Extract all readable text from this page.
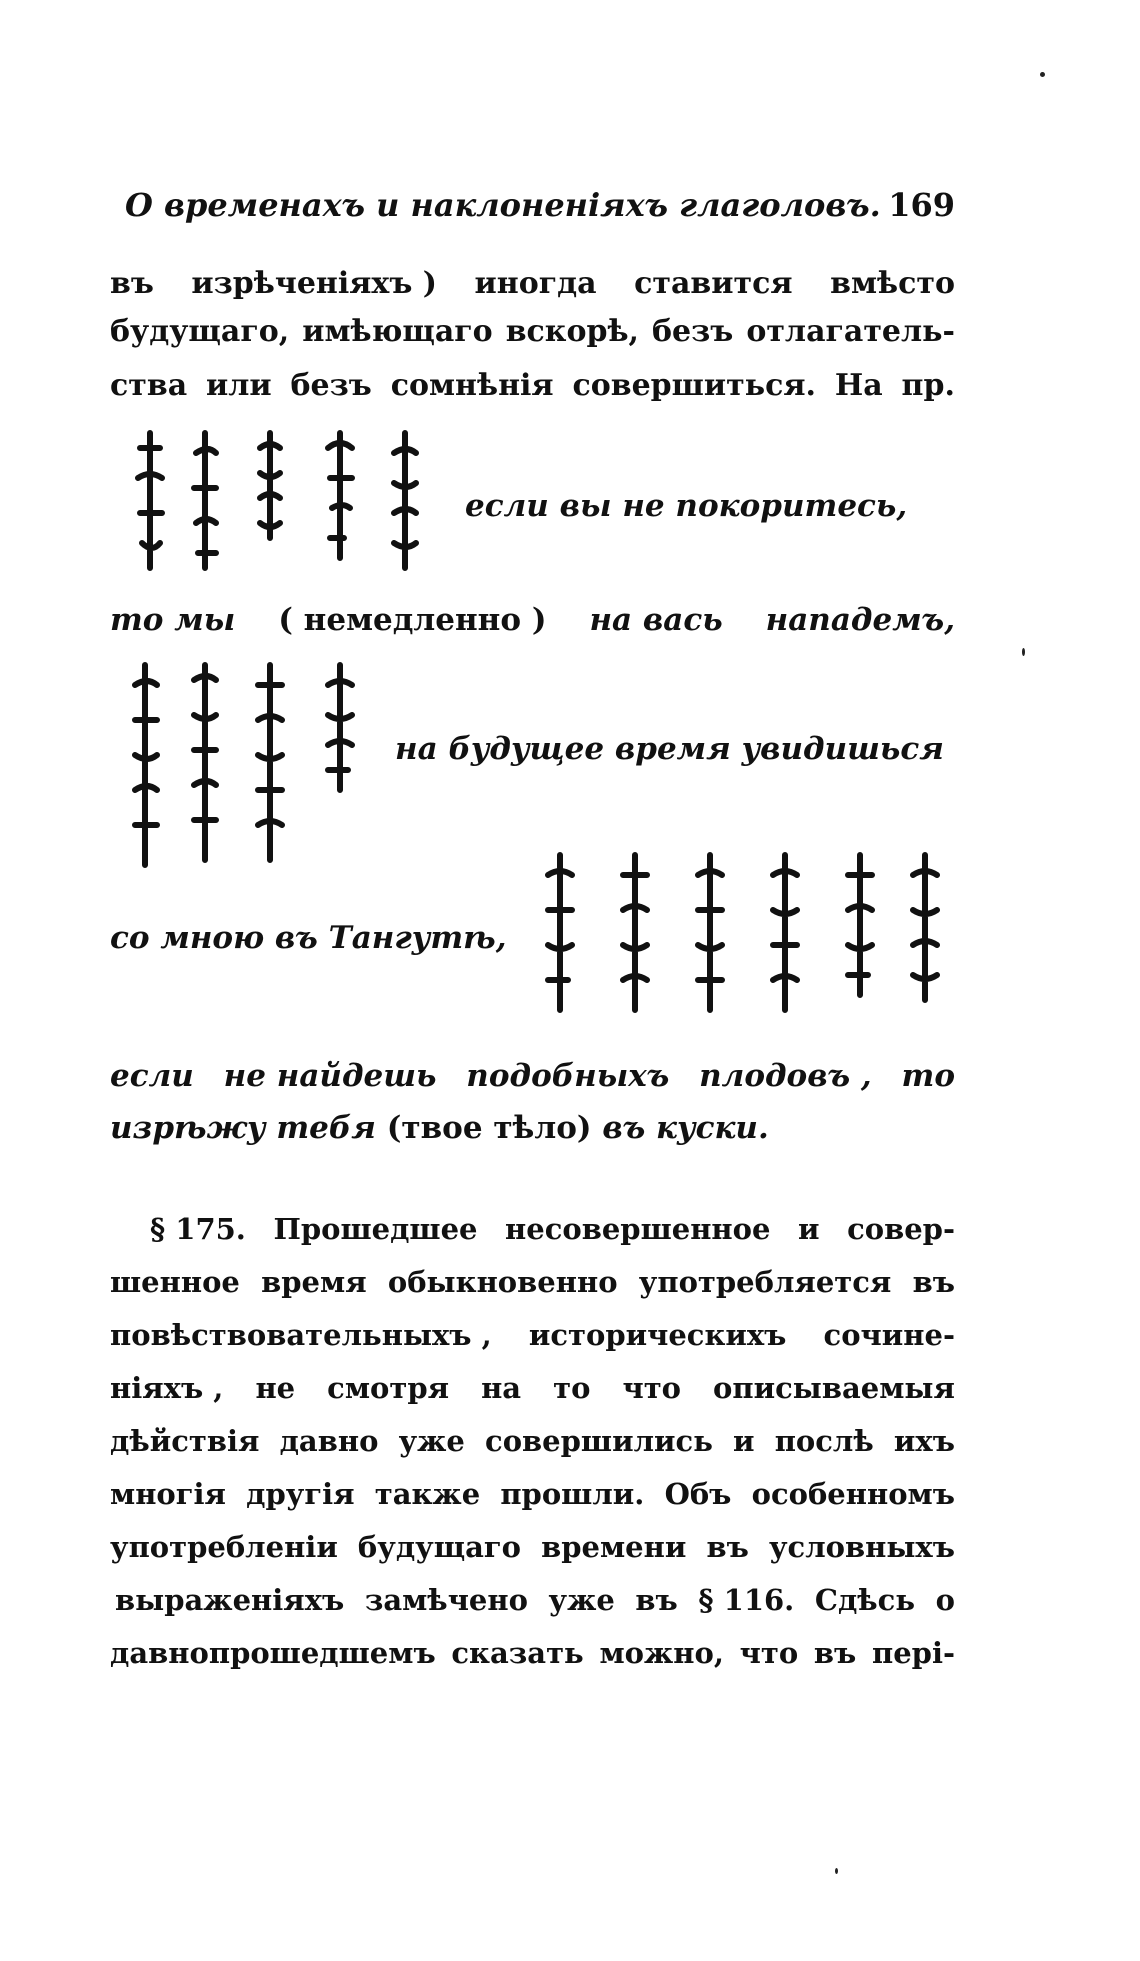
О временахъ и наклоненіяхъ глаголовъ. 169
въ изрѣченіяхъ ) иногда ставится вмѣсто
будущаго, имѣющаго вскорѣ, безъ отлагатель-
ства или безъ сомнѣнія совершиться. На пр.
если вы не покоритесь,
то мы ( немедленно ) на вась нападемъ,
на будущее время увидишься
со мною въ Тангутѣ,
если не найдешь подобныхъ плодовъ , то
изрѣжу тебя (твое тѣло) въ куски.
§ 175. Прошедшее несовершенное и совер-
шенное время обыкновенно употребляется въ
повѣствовательныхъ , историческихъ сочине-
ніяхъ , не смотря на то что описываемыя
дѣйствія давно уже совершились и послѣ ихъ
многія другія также прошли. Объ особенномъ
употребленіи будущаго времени въ условныхъ
выраженіяхъ замѣчено уже въ § 116. Сдѣсь о
давнопрошедшемъ сказать можно, что въ пері-
